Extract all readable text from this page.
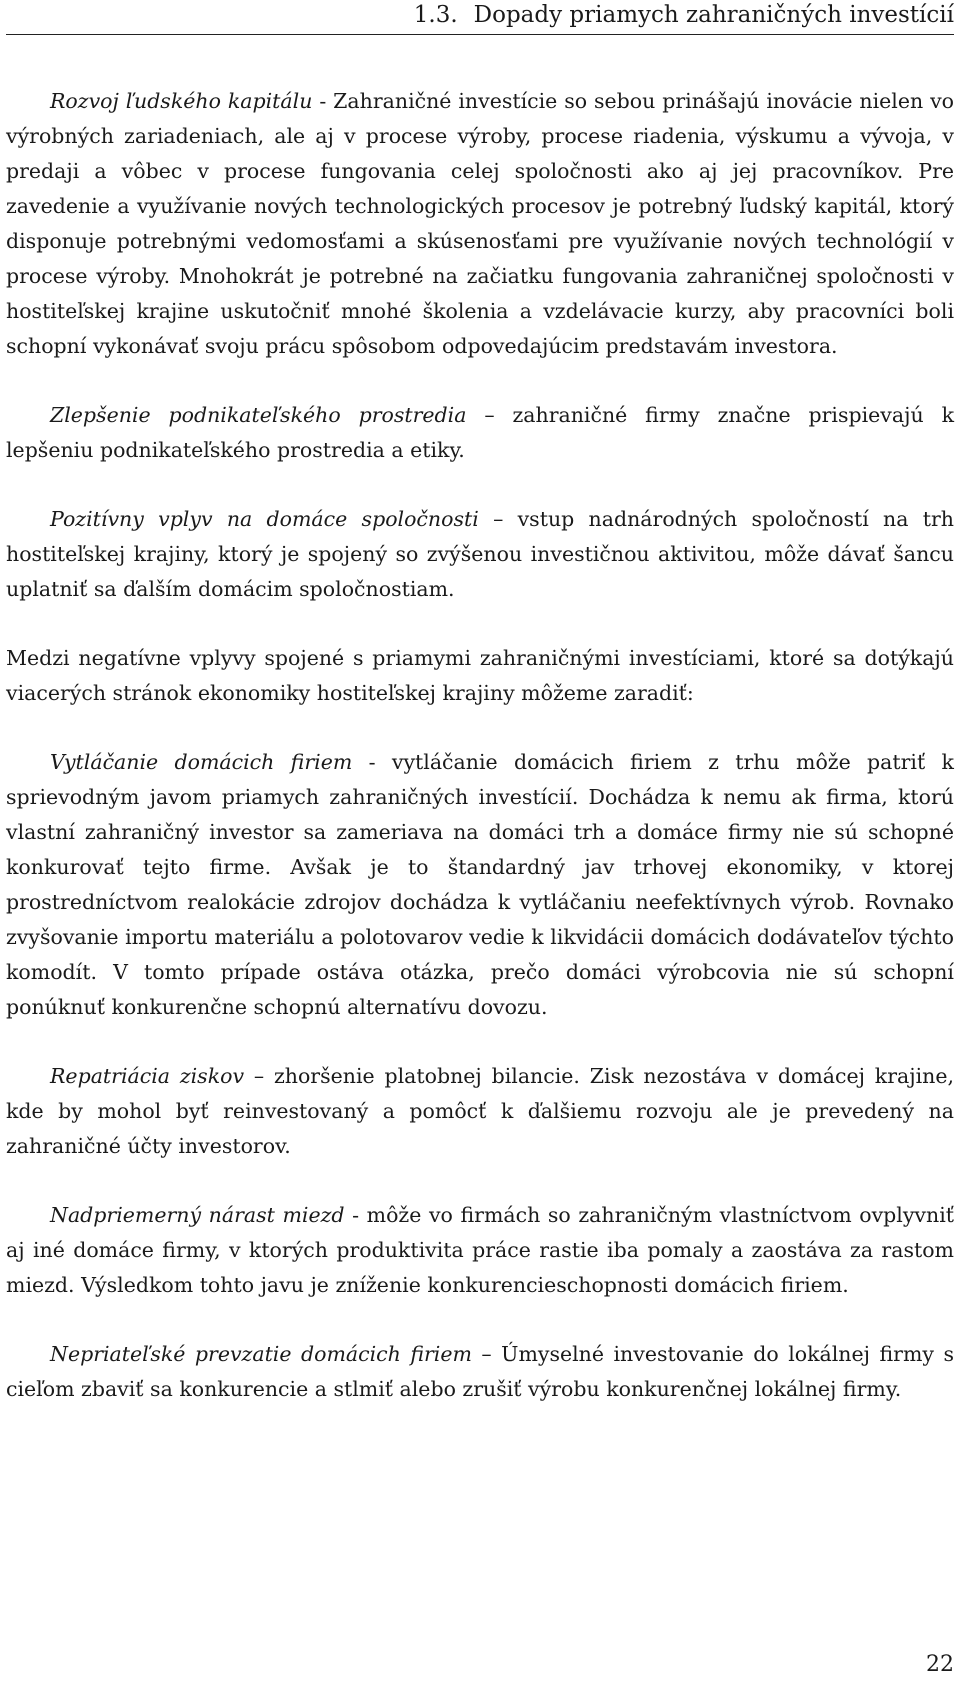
1.3. Dopady priamych zahraničných investícií

Rozvoj ľudského kapitálu - Zahraničné investície so sebou prinášajú inovácie nielen vo výrobných zariadeniach, ale aj v procese výroby, procese riadenia, výskumu a vývoja, v predaji a vôbec v procese fungovania celej spoločnosti ako aj jej pracovníkov. Pre zavedenie a využívanie nových technologických procesov je potrebný ľudský kapitál, ktorý disponuje potrebnými vedomosťami a skúsenosťami pre využívanie nových technológií v procese výroby. Mnohokrát je potrebné na začiatku fungovania zahraničnej spoločnosti v hostiteľskej krajine uskutočniť mnohé školenia a vzdelávacie kurzy, aby pracovníci boli schopní vykonávať svoju prácu spôsobom odpovedajúcim predstavám investora.

Zlepšenie podnikateľského prostredia – zahraničné firmy značne prispievajú k lepšeniu podnikateľského prostredia a etiky.

Pozitívny vplyv na domáce spoločnosti – vstup nadnárodných spoločností na trh hostiteľskej krajiny, ktorý je spojený so zvýšenou investičnou aktivitou, môže dávať šancu uplatniť sa ďalším domácim spoločnostiam.

Medzi negatívne vplyvy spojené s priamymi zahraničnými investíciami, ktoré sa dotýkajú viacerých stránok ekonomiky hostiteľskej krajiny môžeme zaradiť:

Vytláčanie domácich firiem - vytláčanie domácich firiem z trhu môže patriť k sprievodným javom priamych zahraničných investícií. Dochádza k nemu ak firma, ktorú vlastní zahraničný investor sa zameriava na domáci trh a domáce firmy nie sú schopné konkurovať tejto firme. Avšak je to štandardný jav trhovej ekonomiky, v ktorej prostredníctvom realokácie zdrojov dochádza k vytláčaniu neefektívnych výrob. Rovnako zvyšovanie importu materiálu a polotovarov vedie k likvidácii domácich dodávateľov týchto komodít. V tomto prípade ostáva otázka, prečo domáci výrobcovia nie sú schopní ponúknuť konkurenčne schopnú alternatívu dovozu.

Repatriácia ziskov – zhoršenie platobnej bilancie. Zisk nezostáva v domácej krajine, kde by mohol byť reinvestovaný a pomôcť k ďalšiemu rozvoju ale je prevedený na zahraničné účty investorov.

Nadpriemerný nárast miezd - môže vo firmách so zahraničným vlastníctvom ovplyvniť aj iné domáce firmy, v ktorých produktivita práce rastie iba pomaly a zaostáva za rastom miezd. Výsledkom tohto javu je zníženie konkurencieschopnosti domácich firiem.

Nepriateľské prevzatie domácich firiem – Úmyselné investovanie do lokálnej firmy s cieľom zbaviť sa konkurencie a stlmiť alebo zrušiť výrobu konkurenčnej lokálnej firmy.

22
